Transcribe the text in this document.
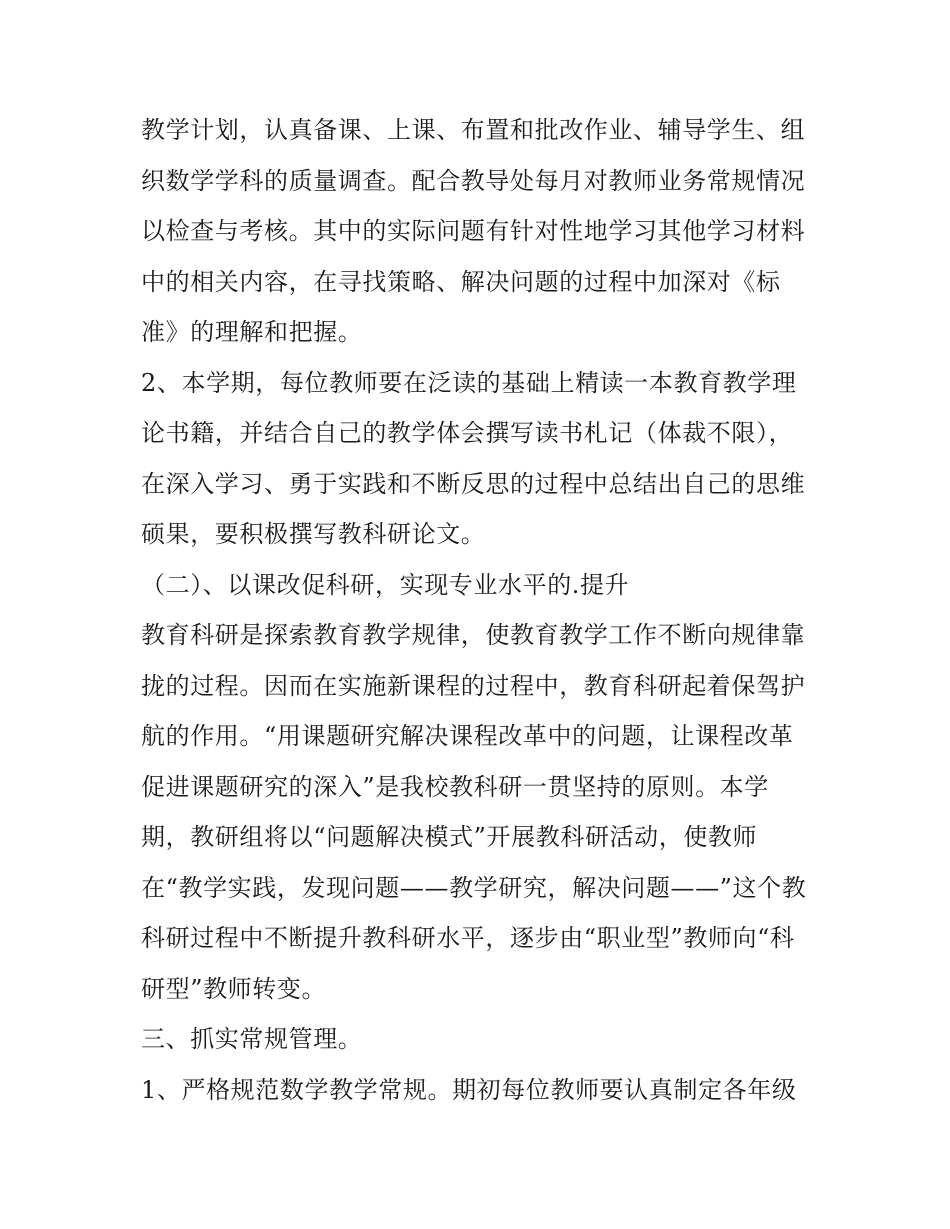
教学计划，认真备课、上课、布置和批改作业、辅导学生、组
织数学学科的质量调查。配合教导处每月对教师业务常规情况
以检查与考核。其中的实际问题有针对性地学习其他学习材料
中的相关内容，在寻找策略、解决问题的过程中加深对《标
准》的理解和把握。
2、本学期，每位教师要在泛读的基础上精读一本教育教学理
论书籍，并结合自己的教学体会撰写读书札记（体裁不限），
在深入学习、勇于实践和不断反思的过程中总结出自己的思维
硕果，要积极撰写教科研论文。
（二）、以课改促科研，实现专业水平的.提升
教育科研是探索教育教学规律，使教育教学工作不断向规律靠
拢的过程。因而在实施新课程的过程中，教育科研起着保驾护
航的作用。“用课题研究解决课程改革中的问题，让课程改革
促进课题研究的深入”是我校教科研一贯坚持的原则。本学
期，教研组将以“问题解决模式”开展教科研活动，使教师
在“教学实践，发现问题——教学研究，解决问题——”这个教
科研过程中不断提升教科研水平，逐步由“职业型”教师向“科
研型”教师转变。
三、抓实常规管理。
1、严格规范数学教学常规。期初每位教师要认真制定各年级
